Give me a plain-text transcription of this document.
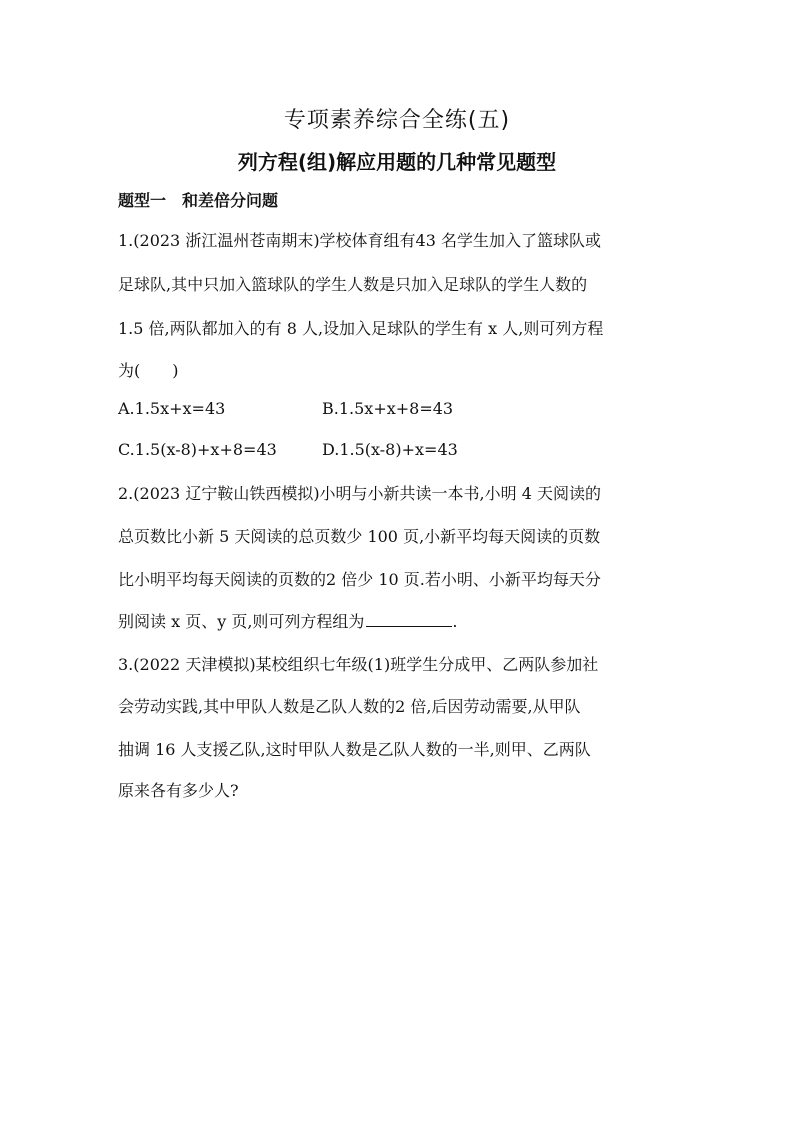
专项素养综合全练(五)
列方程(组)解应用题的几种常见题型
题型一　和差倍分问题
1.(2023 浙江温州苍南期末)学校体育组有43 名学生加入了篮球队或
足球队,其中只加入篮球队的学生人数是只加入足球队的学生人数的
1.5 倍,两队都加入的有 8 人,设加入足球队的学生有 x 人,则可列方程
为(　　)
A.1.5x+x=43	B.1.5x+x+8=43
C.1.5(x-8)+x+8=43	D.1.5(x-8)+x=43
2.(2023 辽宁鞍山铁西模拟)小明与小新共读一本书,小明 4 天阅读的
总页数比小新 5 天阅读的总页数少 100 页,小新平均每天阅读的页数
比小明平均每天阅读的页数的2 倍少 10 页.若小明、小新平均每天分
别阅读 x 页、y 页,则可列方程组为	.
3.(2022 天津模拟)某校组织七年级(1)班学生分成甲、乙两队参加社
会劳动实践,其中甲队人数是乙队人数的2 倍,后因劳动需要,从甲队
抽调 16 人支援乙队,这时甲队人数是乙队人数的一半,则甲、乙两队
原来各有多少人?
